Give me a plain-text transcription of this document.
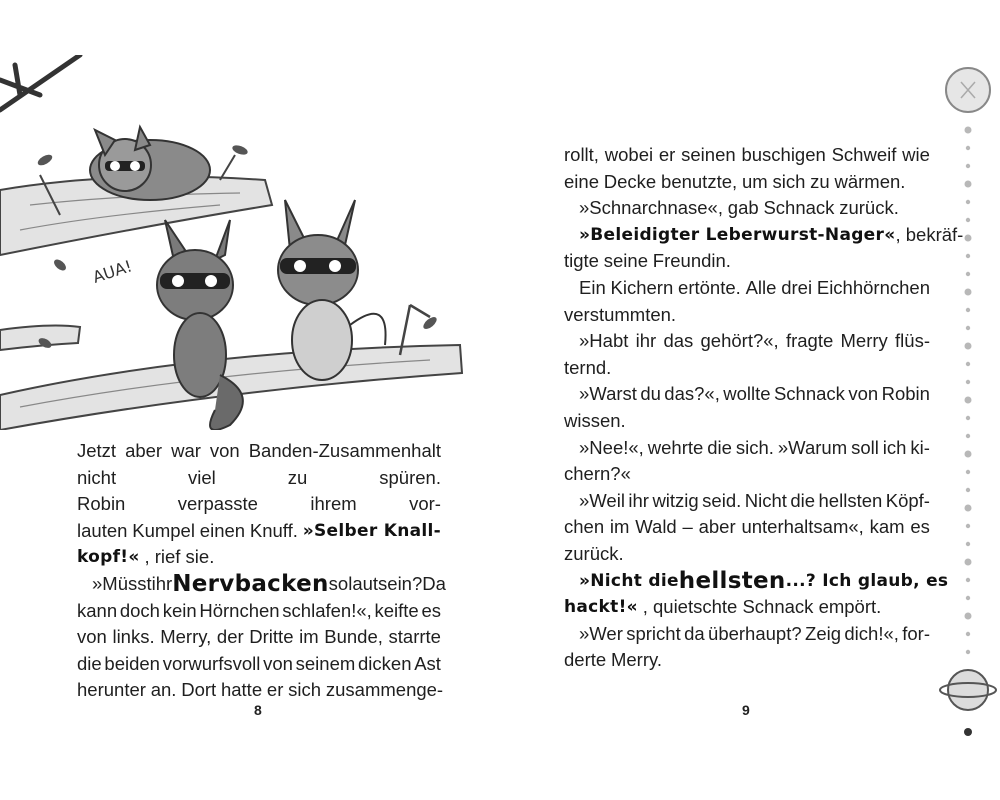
AUA!
Jetzt aber war von Banden-Zusammenhalt
nicht	viel	zu	spüren.
Robin	verpasste	ihrem	vor-
lauten Kumpel einen Knuff. »Selber Knall-
kopf!« , rief sie.
»Müsst ihr Nervbacken so laut sein? Da
kann doch kein Hörnchen schlafen!«, keifte es
von links. Merry, der Dritte im Bunde, starrte
die beiden vorwurfsvoll von seinem dicken Ast
herunter an. Dort hatte er sich zusammenge-
8
rollt, wobei er seinen buschigen Schweif wie
eine Decke benutzte, um sich zu wärmen.
»Schnarchnase«, gab Schnack zurück.
»Beleidigter Leberwurst-Nager« , bekräf-
tigte seine Freundin.
Ein Kichern ertönte. Alle drei Eichhörnchen
verstummten.
»Habt ihr das gehört?«, fragte Merry flüs-
ternd.
»Warst du das?«, wollte Schnack von Robin
wissen.
»Nee!«, wehrte die sich. »Warum soll ich ki-
chern?«
»Weil ihr witzig seid. Nicht die hellsten Köpf-
chen im Wald – aber unterhaltsam«, kam es
zurück.
»Nicht die hellsten ...? Ich glaub, es
hackt!« , quietschte Schnack empört.
»Wer spricht da überhaupt? Zeig dich!«, for-
derte Merry.
9
